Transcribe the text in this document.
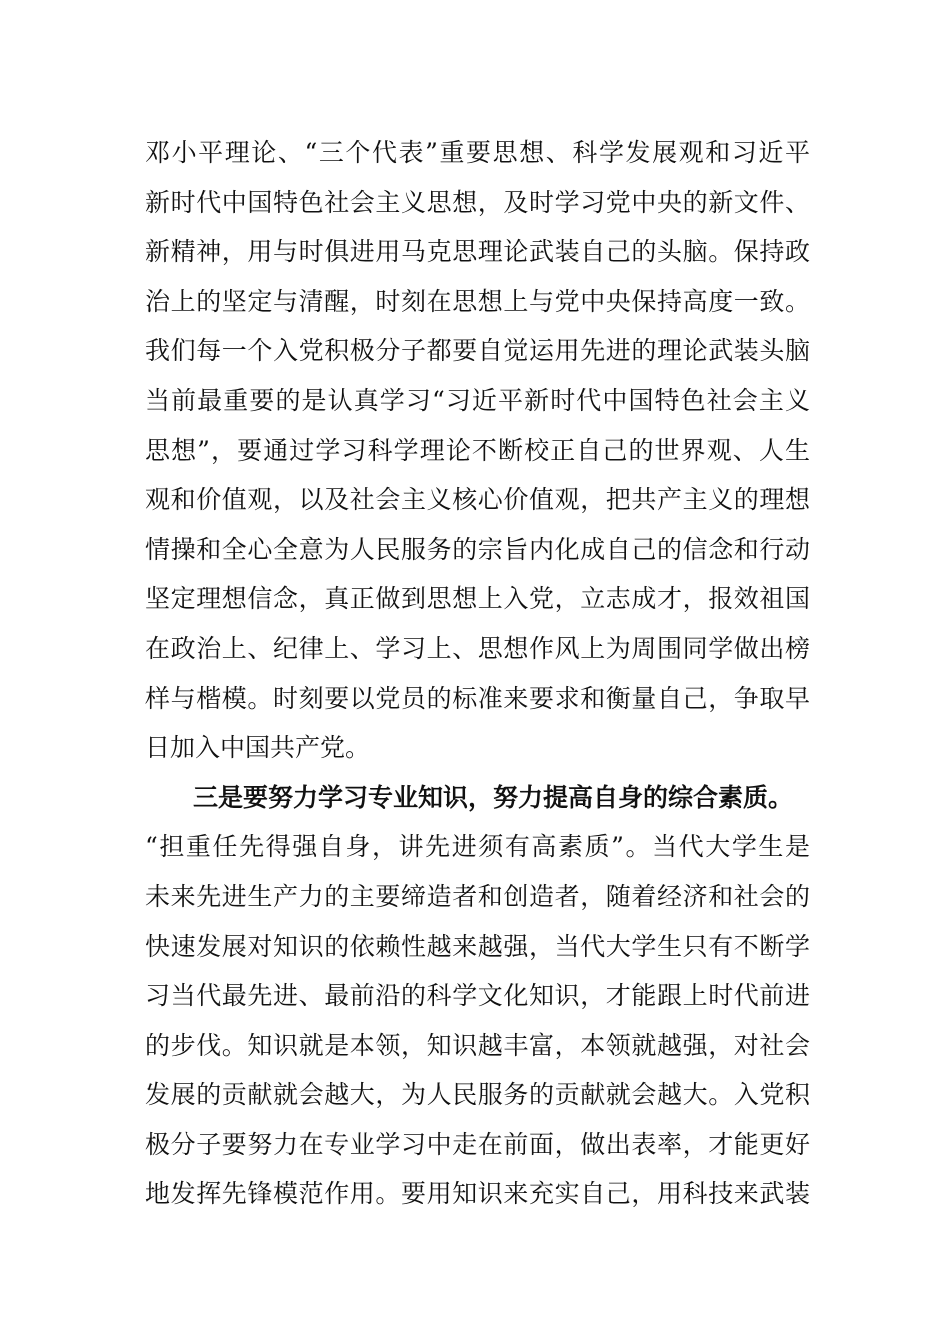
邓小平理论、“三个代表”重要思想、科学发展观和习近平
新时代中国特色社会主义思想，及时学习党中央的新文件、
新精神，用与时俱进用马克思理论武装自己的头脑。保持政
治上的坚定与清醒，时刻在思想上与党中央保持高度一致。
我们每一个入党积极分子都要自觉运用先进的理论武装头脑
当前最重要的是认真学习“习近平新时代中国特色社会主义
思想”，要通过学习科学理论不断校正自己的世界观、人生
观和价值观，以及社会主义核心价值观，把共产主义的理想
情操和全心全意为人民服务的宗旨内化成自己的信念和行动
坚定理想信念，真正做到思想上入党，立志成才，报效祖国
在政治上、纪律上、学习上、思想作风上为周围同学做出榜
样与楷模。时刻要以党员的标准来要求和衡量自己，争取早
日加入中国共产党。
三是要努力学习专业知识，努力提高自身的综合素质。
“担重任先得强自身，讲先进须有高素质”。当代大学生是
未来先进生产力的主要缔造者和创造者，随着经济和社会的
快速发展对知识的依赖性越来越强，当代大学生只有不断学
习当代最先进、最前沿的科学文化知识，才能跟上时代前进
的步伐。知识就是本领，知识越丰富，本领就越强，对社会
发展的贡献就会越大，为人民服务的贡献就会越大。入党积
极分子要努力在专业学习中走在前面，做出表率，才能更好
地发挥先锋模范作用。要用知识来充实自己，用科技来武装
